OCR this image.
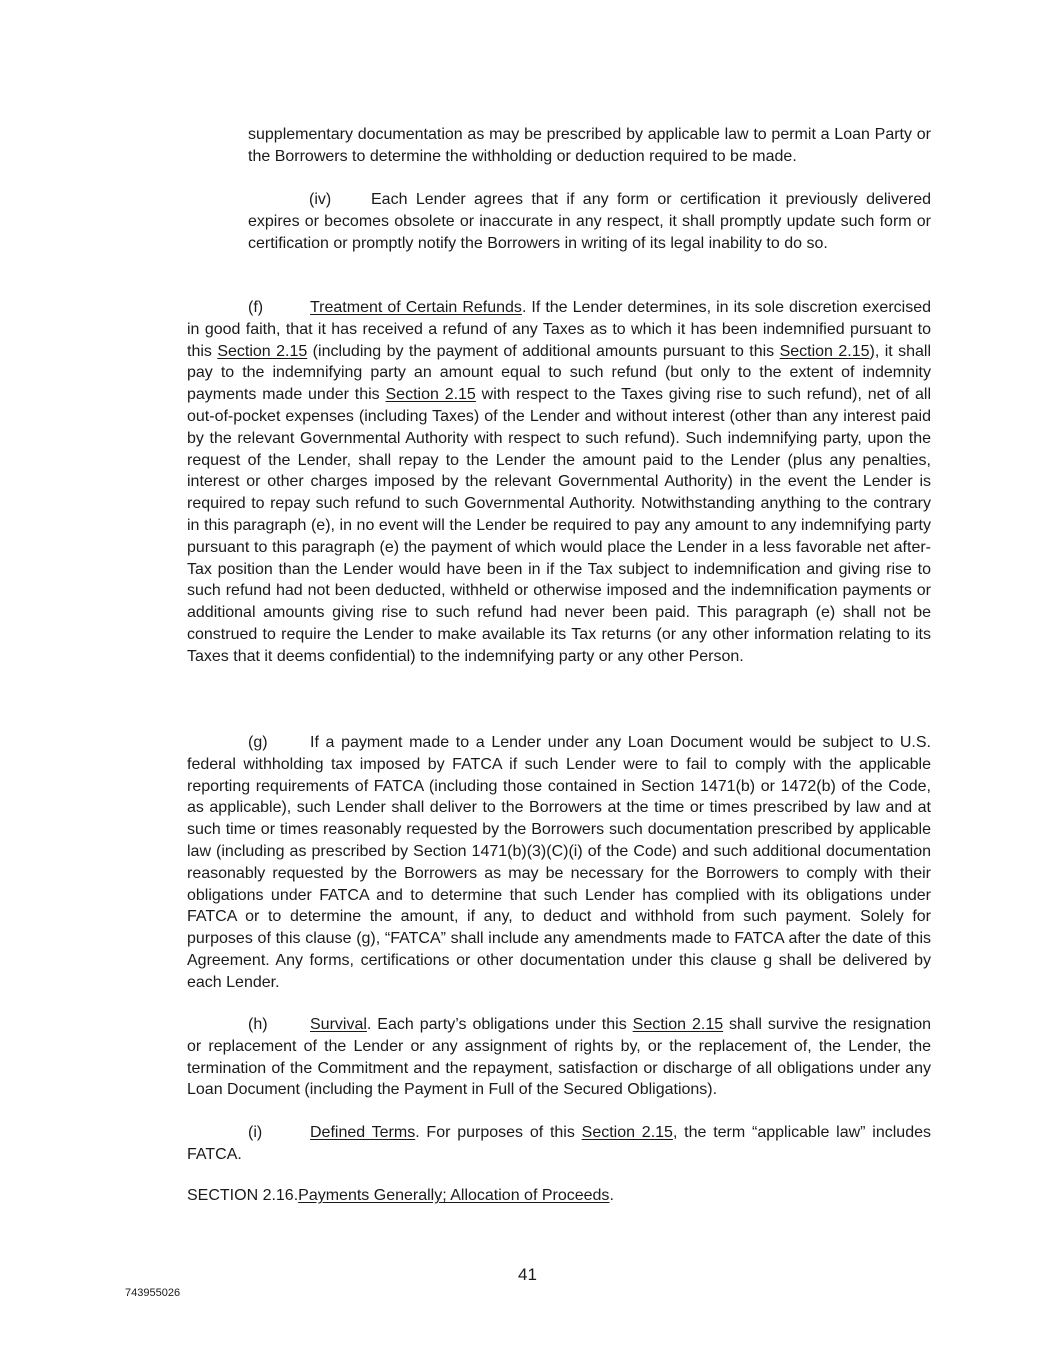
supplementary documentation as may be prescribed by applicable law to permit a Loan Party or the Borrowers to determine the withholding or deduction required to be made.
(iv) Each Lender agrees that if any form or certification it previously delivered expires or becomes obsolete or inaccurate in any respect, it shall promptly update such form or certification or promptly notify the Borrowers in writing of its legal inability to do so.
(f)	Treatment of Certain Refunds. If the Lender determines, in its sole discretion exercised in good faith, that it has received a refund of any Taxes as to which it has been indemnified pursuant to this Section 2.15 (including by the payment of additional amounts pursuant to this Section 2.15), it shall pay to the indemnifying party an amount equal to such refund (but only to the extent of indemnity payments made under this Section 2.15 with respect to the Taxes giving rise to such refund), net of all out-of-pocket expenses (including Taxes) of the Lender and without interest (other than any interest paid by the relevant Governmental Authority with respect to such refund). Such indemnifying party, upon the request of the Lender, shall repay to the Lender the amount paid to the Lender (plus any penalties, interest or other charges imposed by the relevant Governmental Authority) in the event the Lender is required to repay such refund to such Governmental Authority. Notwithstanding anything to the contrary in this paragraph (e), in no event will the Lender be required to pay any amount to any indemnifying party pursuant to this paragraph (e) the payment of which would place the Lender in a less favorable net after-Tax position than the Lender would have been in if the Tax subject to indemnification and giving rise to such refund had not been deducted, withheld or otherwise imposed and the indemnification payments or additional amounts giving rise to such refund had never been paid. This paragraph (e) shall not be construed to require the Lender to make available its Tax returns (or any other information relating to its Taxes that it deems confidential) to the indemnifying party or any other Person.
(g)	If a payment made to a Lender under any Loan Document would be subject to U.S. federal withholding tax imposed by FATCA if such Lender were to fail to comply with the applicable reporting requirements of FATCA (including those contained in Section 1471(b) or 1472(b) of the Code, as applicable), such Lender shall deliver to the Borrowers at the time or times prescribed by law and at such time or times reasonably requested by the Borrowers such documentation prescribed by applicable law (including as prescribed by Section 1471(b)(3)(C)(i) of the Code) and such additional documentation reasonably requested by the Borrowers as may be necessary for the Borrowers to comply with their obligations under FATCA and to determine that such Lender has complied with its obligations under FATCA or to determine the amount, if any, to deduct and withhold from such payment. Solely for purposes of this clause (g), “FATCA” shall include any amendments made to FATCA after the date of this Agreement. Any forms, certifications or other documentation under this clause g shall be delivered by each Lender.
(h)	Survival. Each party’s obligations under this Section 2.15 shall survive the resignation or replacement of the Lender or any assignment of rights by, or the replacement of, the Lender, the termination of the Commitment and the repayment, satisfaction or discharge of all obligations under any Loan Document (including the Payment in Full of the Secured Obligations).
(i)	Defined Terms. For purposes of this Section 2.15, the term “applicable law” includes FATCA.
SECTION 2.16.Payments Generally; Allocation of Proceeds.
41
743955026
